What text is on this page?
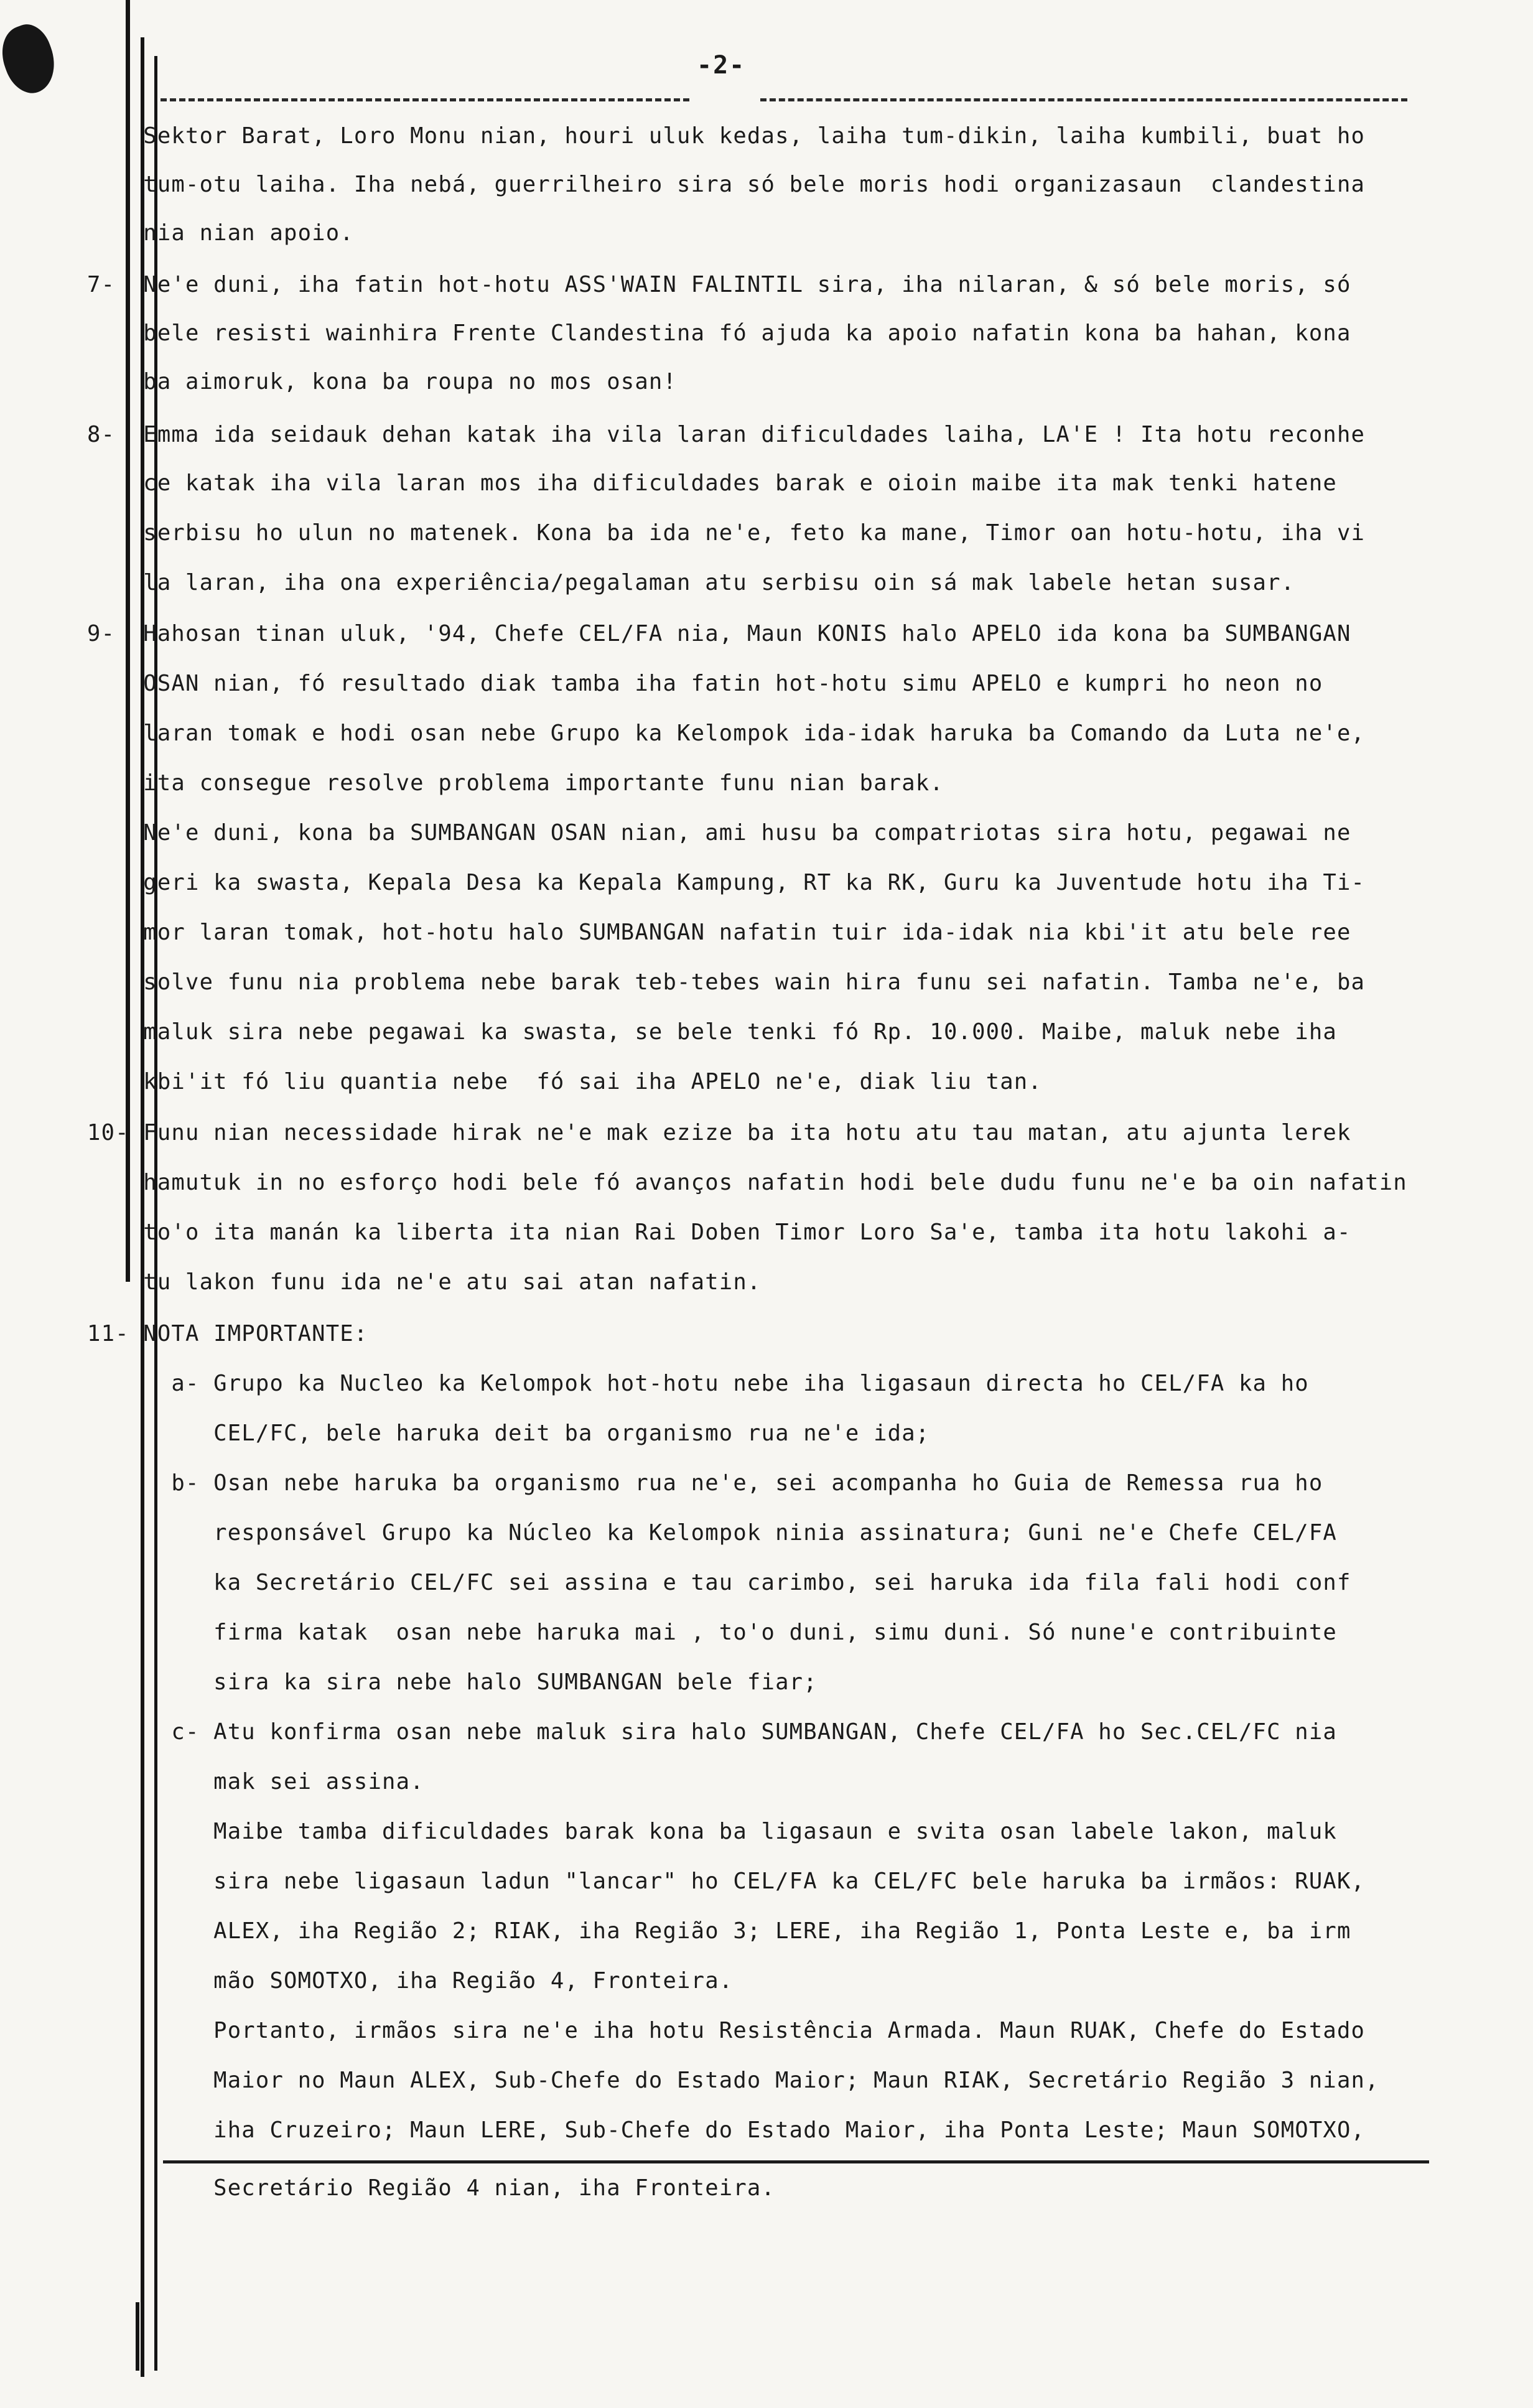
-2-
Sektor Barat, Loro Monu nian, houri uluk kedas, laiha tum-dikin, laiha kumbili, buat ho
tum-otu laiha. Iha nebá, guerrilheiro sira só bele moris hodi organizasaun  clandestina
nia nian apoio.
7-  Ne'e duni, iha fatin hot-hotu ASS'WAIN FALINTIL sira, iha nilaran, & só bele moris, só
bele resisti wainhira Frente Clandestina fó ajuda ka apoio nafatin kona ba hahan, kona
ba aimoruk, kona ba roupa no mos osan!
8-  Emma ida seidauk dehan katak iha vila laran dificuldades laiha, LA'E ! Ita hotu reconhe
ce katak iha vila laran mos iha dificuldades barak e oioin maibe ita mak tenki hatene
serbisu ho ulun no matenek. Kona ba ida ne'e, feto ka mane, Timor oan hotu-hotu, iha vi
la laran, iha ona experiência/pegalaman atu serbisu oin sá mak labele hetan susar.
9-  Hahosan tinan uluk, '94, Chefe CEL/FA nia, Maun KONIS halo APELO ida kona ba SUMBANGAN
OSAN nian, fó resultado diak tamba iha fatin hot-hotu simu APELO e kumpri ho neon no
laran tomak e hodi osan nebe Grupo ka Kelompok ida-idak haruka ba Comando da Luta ne'e,
ita consegue resolve problema importante funu nian barak.
Ne'e duni, kona ba SUMBANGAN OSAN nian, ami husu ba compatriotas sira hotu, pegawai ne
geri ka swasta, Kepala Desa ka Kepala Kampung, RT ka RK, Guru ka Juventude hotu iha Ti-
mor laran tomak, hot-hotu halo SUMBANGAN nafatin tuir ida-idak nia kbi'it atu bele ree
solve funu nia problema nebe barak teb-tebes wain hira funu sei nafatin. Tamba ne'e, ba
maluk sira nebe pegawai ka swasta, se bele tenki fó Rp. 10.000. Maibe, maluk nebe iha
kbi'it fó liu quantia nebe  fó sai iha APELO ne'e, diak liu tan.
10- Funu nian necessidade hirak ne'e mak ezize ba ita hotu atu tau matan, atu ajunta lerek
hamutuk in no esforço hodi bele fó avanços nafatin hodi bele dudu funu ne'e ba oin nafatin
to'o ita manán ka liberta ita nian Rai Doben Timor Loro Sa'e, tamba ita hotu lakohi a-
tu lakon funu ida ne'e atu sai atan nafatin.
11- NOTA IMPORTANTE:
a- Grupo ka Nucleo ka Kelompok hot-hotu nebe iha ligasaun directa ho CEL/FA ka ho
CEL/FC, bele haruka deit ba organismo rua ne'e ida;
b- Osan nebe haruka ba organismo rua ne'e, sei acompanha ho Guia de Remessa rua ho
responsável Grupo ka Núcleo ka Kelompok ninia assinatura; Guni ne'e Chefe CEL/FA
ka Secretário CEL/FC sei assina e tau carimbo, sei haruka ida fila fali hodi conf
firma katak  osan nebe haruka mai , to'o duni, simu duni. Só nune'e contribuinte
sira ka sira nebe halo SUMBANGAN bele fiar;
c- Atu konfirma osan nebe maluk sira halo SUMBANGAN, Chefe CEL/FA ho Sec.CEL/FC nia
mak sei assina.
Maibe tamba dificuldades barak kona ba ligasaun e svita osan labele lakon, maluk
sira nebe ligasaun ladun "lancar" ho CEL/FA ka CEL/FC bele haruka ba irmãos: RUAK,
ALEX, iha Região 2; RIAK, iha Região 3; LERE, iha Região 1, Ponta Leste e, ba irm
mão SOMOTXO, iha Região 4, Fronteira.
Portanto, irmãos sira ne'e iha hotu Resistência Armada. Maun RUAK, Chefe do Estado
Maior no Maun ALEX, Sub-Chefe do Estado Maior; Maun RIAK, Secretário Região 3 nian,
iha Cruzeiro; Maun LERE, Sub-Chefe do Estado Maior, iha Ponta Leste; Maun SOMOTXO,
Secretário Região 4 nian, iha Fronteira.
